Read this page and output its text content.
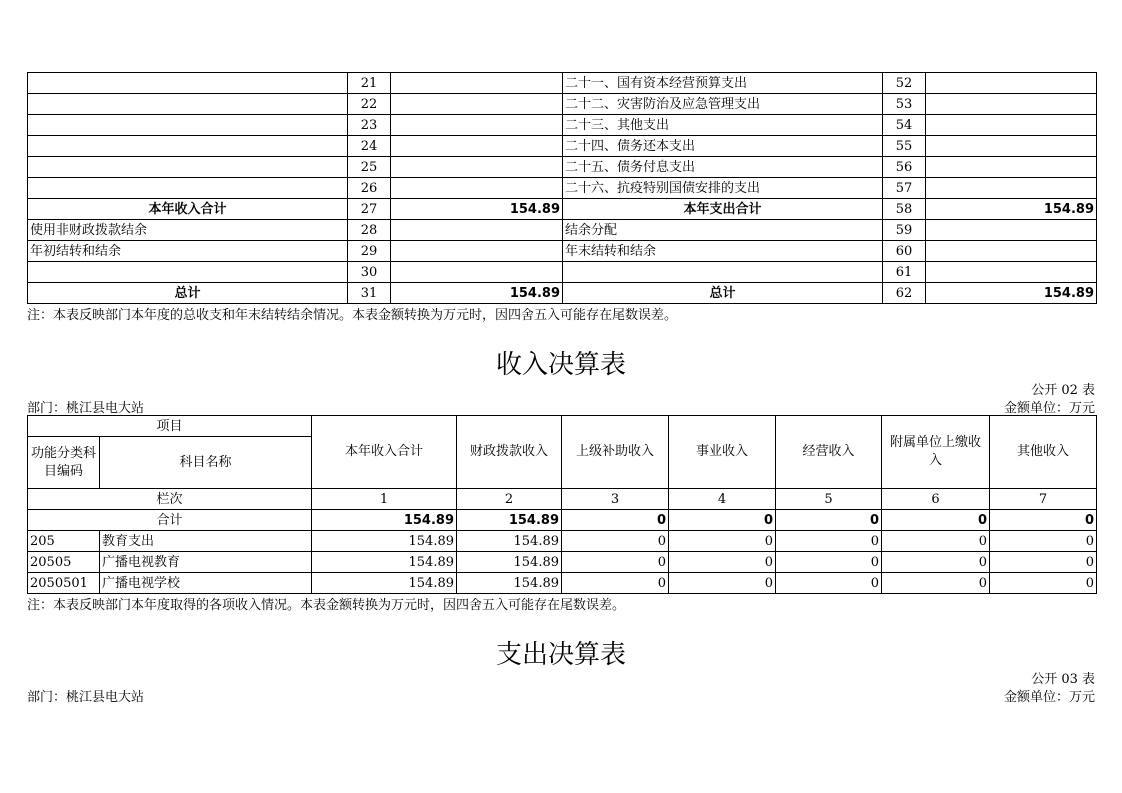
	21		二十一、国有资本经营预算支出	52	
	22		二十二、灾害防治及应急管理支出	53	
	23		二十三、其他支出	54	
	24		二十四、债务还本支出	55	
	25		二十五、债务付息支出	56	
	26		二十六、抗疫特别国债安排的支出	57	
本年收入合计	27	154.89	本年支出合计	58	154.89
使用非财政拨款结余	28		结余分配	59	
年初结转和结余	29		年末结转和结余	60	
	30			61	
总计	31	154.89	总计	62	154.89
注：本表反映部门本年度的总收支和年末结转结余情况。本表金额转换为万元时，因四舍五入可能存在尾数误差。
收入决算表
公开 02 表
部门：桃江县电大站	金额单位：万元
项目		本年收入合计	财政拨款收入	上级补助收入	事业收入	经营收入	附属单位上缴收入	其他收入
功能分类科目编码	科目名称							
栏次		1	2	3	4	5	6	7
合计		154.89	154.89	0	0	0	0	0
205	教育支出	154.89	154.89	0	0	0	0	0
20505	广播电视教育	154.89	154.89	0	0	0	0	0
2050501	广播电视学校	154.89	154.89	0	0	0	0	0
注：本表反映部门本年度取得的各项收入情况。本表金额转换为万元时，因四舍五入可能存在尾数误差。
支出决算表
公开 03 表
部门：桃江县电大站	金额单位：万元
